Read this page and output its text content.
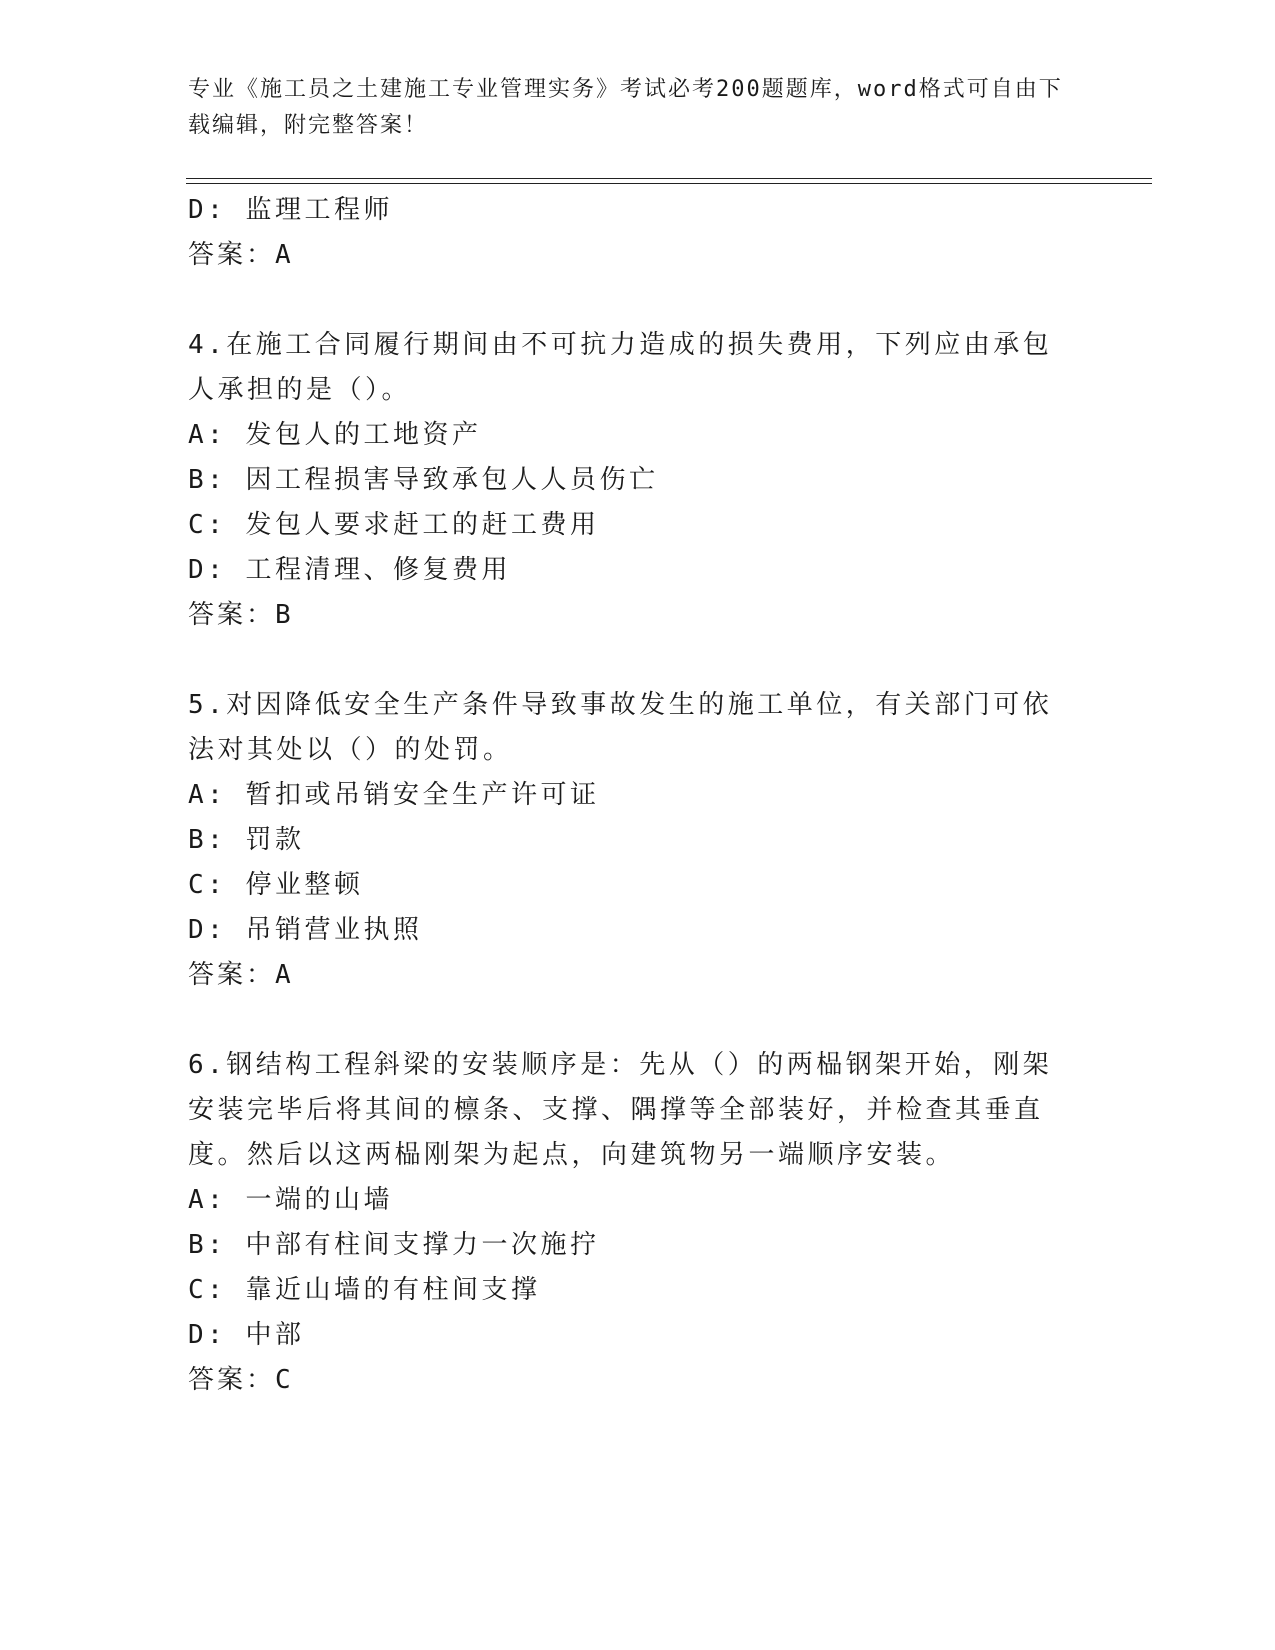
专业《施工员之土建施工专业管理实务》考试必考200题题库，word格式可自由下载编辑，附完整答案！
D: 监理工程师
答案：A
4.在施工合同履行期间由不可抗力造成的损失费用，下列应由承包人承担的是（）。
A: 发包人的工地资产
B: 因工程损害导致承包人人员伤亡
C: 发包人要求赶工的赶工费用
D: 工程清理、修复费用
答案：B
5.对因降低安全生产条件导致事故发生的施工单位，有关部门可依法对其处以（）的处罚。
A: 暂扣或吊销安全生产许可证
B: 罚款
C: 停业整顿
D: 吊销营业执照
答案：A
6.钢结构工程斜梁的安装顺序是：先从（）的两榀钢架开始，刚架安装完毕后将其间的檩条、支撑、隅撑等全部装好，并检查其垂直度。然后以这两榀刚架为起点，向建筑物另一端顺序安装。
A: 一端的山墙
B: 中部有柱间支撑力一次施拧
C: 靠近山墙的有柱间支撑
D: 中部
答案：C
